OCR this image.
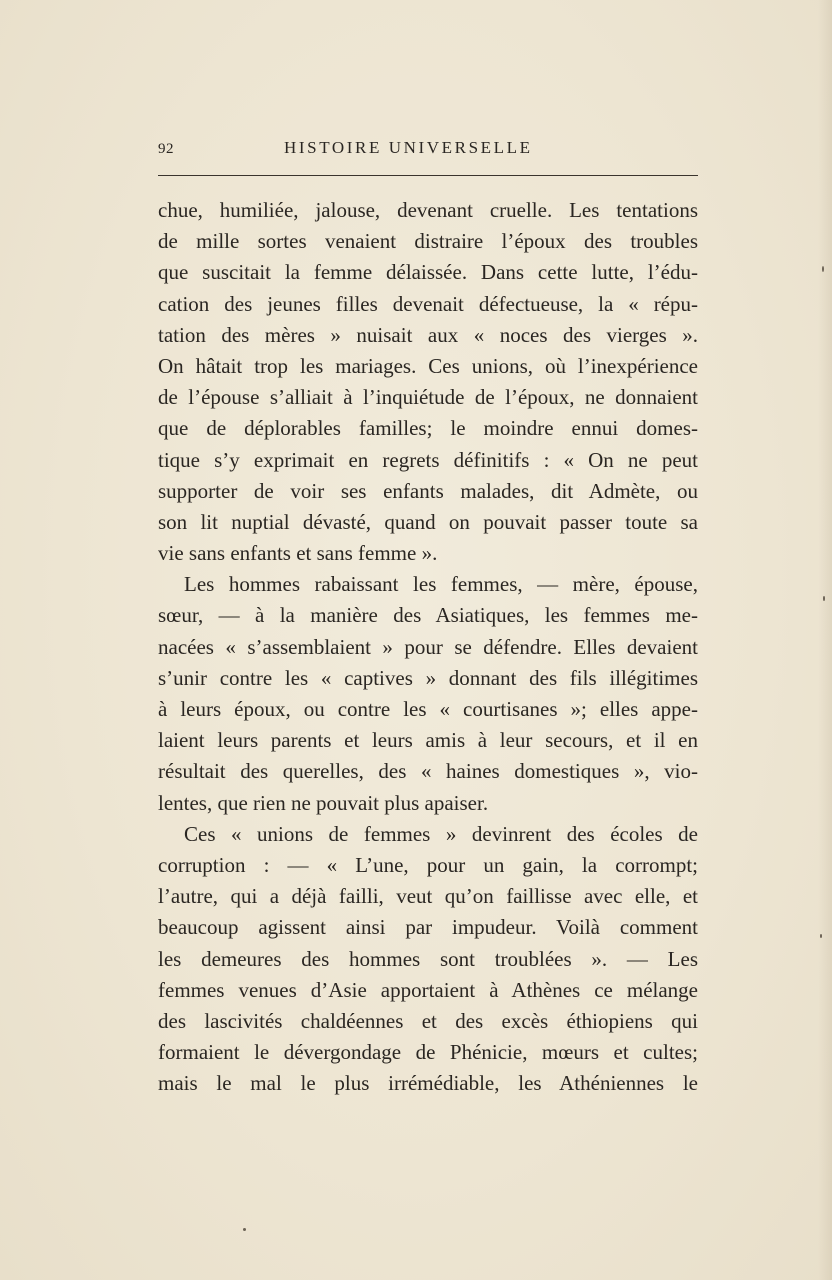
92	HISTOIRE UNIVERSELLE
chue, humiliée, jalouse, devenant cruelle. Les tentations
de mille sortes venaient distraire l’époux des troubles
que suscitait la femme délaissée. Dans cette lutte, l’édu-
cation des jeunes filles devenait défectueuse, la « répu-
tation des mères » nuisait aux « noces des vierges ».
On hâtait trop les mariages. Ces unions, où l’inexpérience
de l’épouse s’alliait à l’inquiétude de l’époux, ne donnaient
que de déplorables familles; le moindre ennui domes-
tique s’y exprimait en regrets définitifs : « On ne peut
supporter de voir ses enfants malades, dit Admète, ou
son lit nuptial dévasté, quand on pouvait passer toute sa
vie sans enfants et sans femme ».
Les hommes rabaissant les femmes, — mère, épouse,
sœur, — à la manière des Asiatiques, les femmes me-
nacées « s’assemblaient » pour se défendre. Elles devaient
s’unir contre les « captives » donnant des fils illégitimes
à leurs époux, ou contre les « courtisanes »; elles appe-
laient leurs parents et leurs amis à leur secours, et il en
résultait des querelles, des « haines domestiques », vio-
lentes, que rien ne pouvait plus apaiser.
Ces « unions de femmes » devinrent des écoles de
corruption : — « L’une, pour un gain, la corrompt;
l’autre, qui a déjà failli, veut qu’on faillisse avec elle, et
beaucoup agissent ainsi par impudeur. Voilà comment
les demeures des hommes sont troublées ». — Les
femmes venues d’Asie apportaient à Athènes ce mélange
des lascivités chaldéennes et des excès éthiopiens qui
formaient le dévergondage de Phénicie, mœurs et cultes;
mais le mal le plus irrémédiable, les Athéniennes le
